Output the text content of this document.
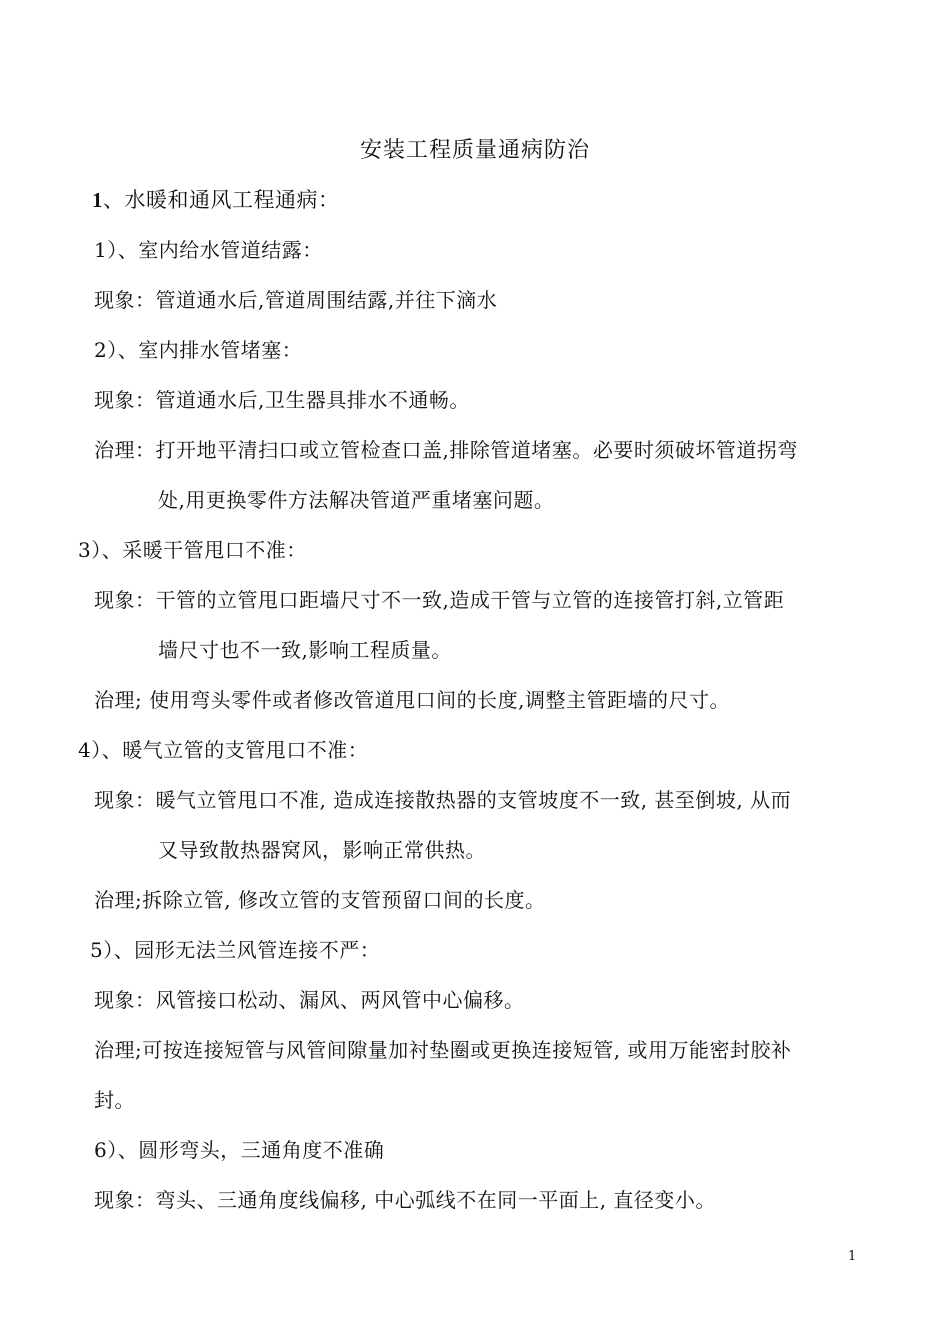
安装工程质量通病防治
1、水暖和通风工程通病：
1）、室内给水管道结露：
现象：管道通水后,管道周围结露,并往下滴水
2）、室内排水管堵塞：
现象：管道通水后,卫生器具排水不通畅。
治理：打开地平清扫口或立管检查口盖,排除管道堵塞。必要时须破坏管道拐弯
处,用更换零件方法解决管道严重堵塞问题。
3）、采暖干管甩口不准：
现象：干管的立管甩口距墙尺寸不一致,造成干管与立管的连接管打斜,立管距
墙尺寸也不一致,影响工程质量。
治理; 使用弯头零件或者修改管道甩口间的长度,调整主管距墙的尺寸。
4）、暖气立管的支管甩口不准：
现象：暖气立管甩口不准, 造成连接散热器的支管坡度不一致, 甚至倒坡, 从而
又导致散热器窝风，影响正常供热。
治理;拆除立管, 修改立管的支管预留口间的长度。
5）、园形无法兰风管连接不严：
现象：风管接口松动、漏风、两风管中心偏移。
治理;可按连接短管与风管间隙量加衬垫圈或更换连接短管, 或用万能密封胶补
封。
6）、圆形弯头，三通角度不准确
现象：弯头、三通角度线偏移, 中心弧线不在同一平面上, 直径变小。
1
